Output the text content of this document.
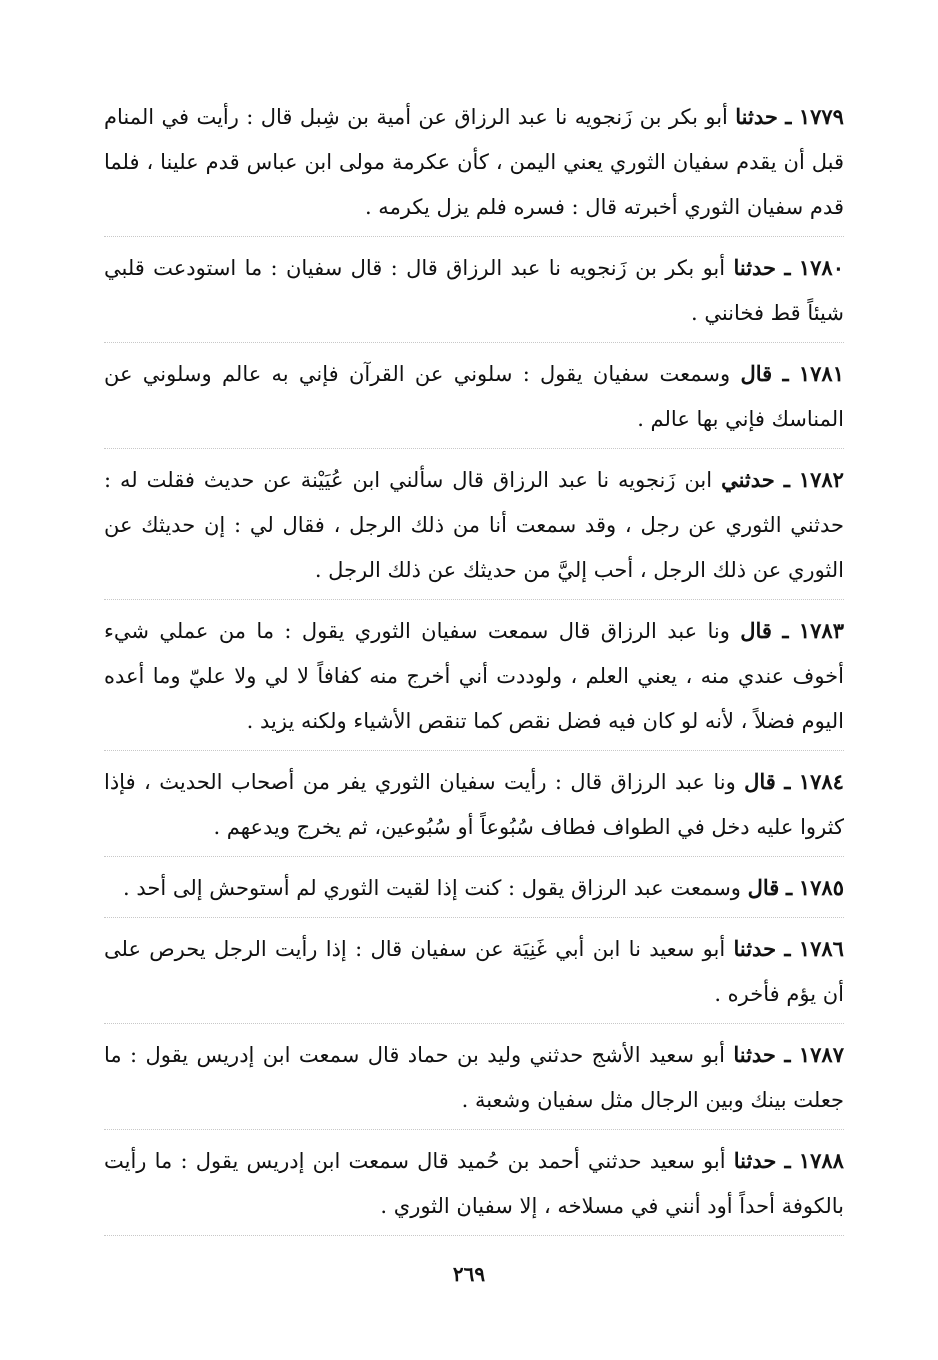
١٧٧٩ ـ حدثنا أبو بكر بن زَنجويه نا عبد الرزاق عن أمية بن شِبل قال : رأيت في المنام قبل أن يقدم سفيان الثوري يعني اليمن ، كأن عكرمة مولى ابن عباس قدم علينا ، فلما قدم سفيان الثوري أخبرته قال : فسره فلم يزل يكرمه .

١٧٨٠ ـ حدثنا أبو بكر بن زَنجويه نا عبد الرزاق قال : قال سفيان : ما استودعت قلبي شيئاً قط فخانني .

١٧٨١ ـ قال وسمعت سفيان يقول : سلوني عن القرآن فإني به عالم وسلوني عن المناسك فإني بها عالم .

١٧٨٢ ـ حدثني ابن زَنجويه نا عبد الرزاق قال سألني ابن عُيَيْنة عن حديث فقلت له : حدثني الثوري عن رجل ، وقد سمعت أنا من ذلك الرجل ، فقال لي : إن حديثك عن الثوري عن ذلك الرجل ، أحب إليَّ من حديثك عن ذلك الرجل .

١٧٨٣ ـ قال ونا عبد الرزاق قال سمعت سفيان الثوري يقول : ما من عملي شيء أخوف عندي منه ، يعني العلم ، ولوددت أني أخرج منه كفافاً لا لي ولا عليّ وما أعده اليوم فضلاً ، لأنه لو كان فيه فضل نقص كما تنقص الأشياء ولكنه يزيد .

١٧٨٤ ـ قال ونا عبد الرزاق قال : رأيت سفيان الثوري يفر من أصحاب الحديث ، فإذا كثروا عليه دخل في الطواف فطاف سُبُوعاً أو سُبُوعين، ثم يخرج ويدعهم .

١٧٨٥ ـ قال وسمعت عبد الرزاق يقول : كنت إذا لقيت الثوري لم أستوحش إلى أحد .

١٧٨٦ ـ حدثنا أبو سعيد نا ابن أبي غَنِيَة عن سفيان قال : إذا رأيت الرجل يحرص على أن يؤم فأخره .

١٧٨٧ ـ حدثنا أبو سعيد الأشج حدثني وليد بن حماد قال سمعت ابن إدريس يقول : ما جعلت بينك وبين الرجال مثل سفيان وشعبة .

١٧٨٨ ـ حدثنا أبو سعيد حدثني أحمد بن حُميد قال سمعت ابن إدريس يقول : ما رأيت بالكوفة أحداً أود أنني في مسلاخه ، إلا سفيان الثوري .

٢٦٩
